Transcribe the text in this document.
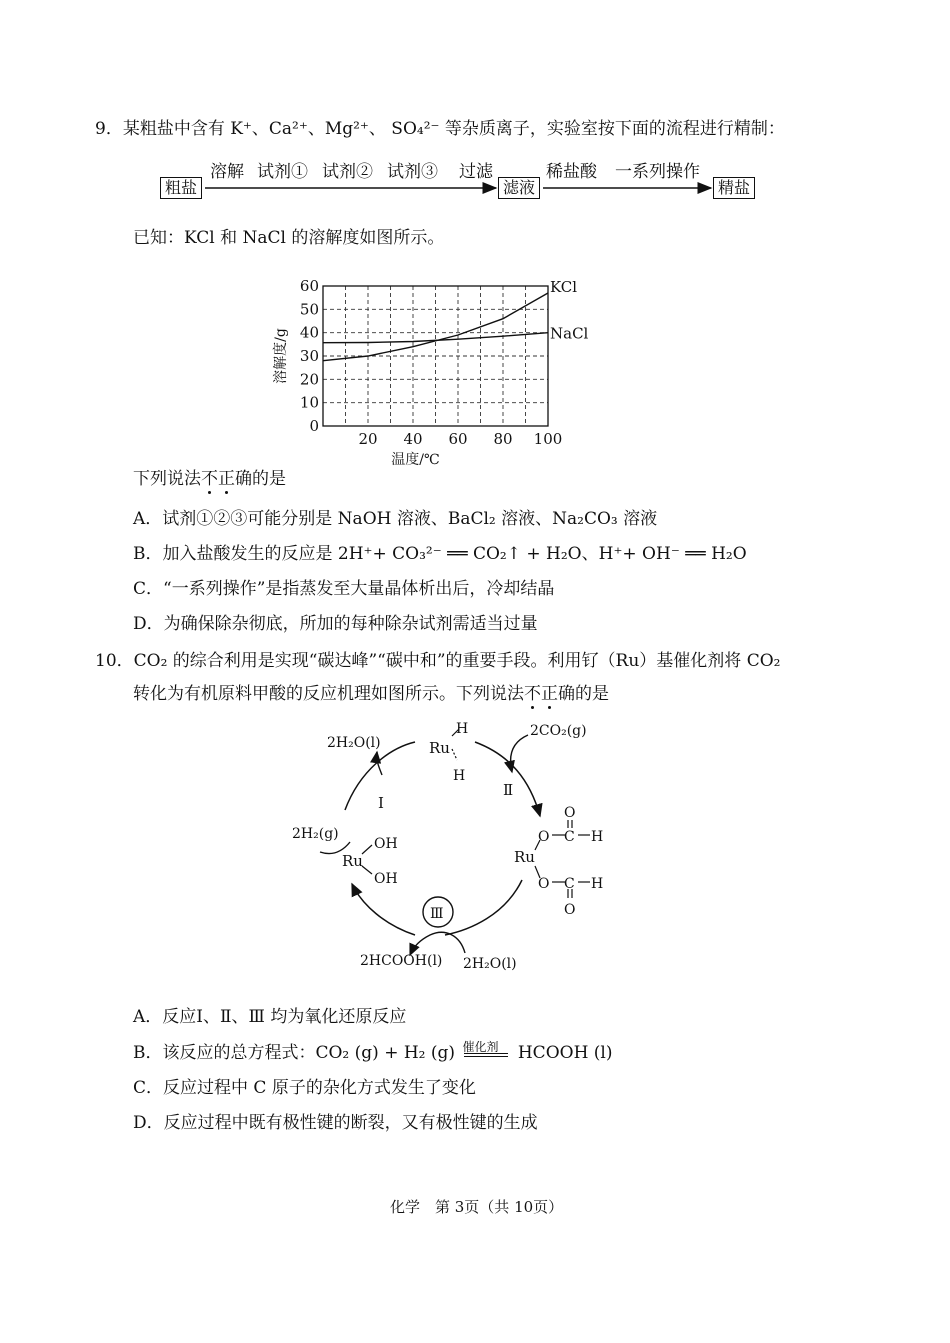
9．某粗盐中含有 K⁺、Ca²⁺、Mg²⁺、 SO₄²⁻ 等杂质离子，实验室按下面的流程进行精制：
粗盐	滤液	精盐
溶解 试剂① 试剂② 试剂③ 过滤	稀盐酸 一系列操作
已知：KCl 和 NaCl 的溶解度如图所示。
20 40 60 80 100
0
10
20
30
40
50
60	KCl
NaCl
溶解度/g
温度/℃
下列说法不正确的是
A．试剂①②③可能分别是 NaOH 溶液、BaCl₂ 溶液、Na₂CO₃ 溶液
B．加入盐酸发生的反应是 2H⁺+ CO₃²⁻ ══ CO₂↑ + H₂O、H⁺+ OH⁻ ══ H₂O
C．“一系列操作”是指蒸发至大量晶体析出后，冷却结晶
D．为确保除杂彻底，所加的每种除杂试剂需适当过量
10．CO₂ 的综合利用是实现“碳达峰”“碳中和”的重要手段。利用钌（Ru）基催化剂将 CO₂
转化为有机原料甲酸的反应机理如图所示。下列说法不正确的是
Ru
H
H
Ru
O C H
O
O C H
O
Ru
OH
OH
Ⅰ
Ⅱ
Ⅲ
2CO₂(g)
2H₂(g)
2H₂O(l)
2HCOOH(l) 2H₂O(l)
A．反应Ⅰ、Ⅱ、Ⅲ 均为氧化还原反应
B．该反应的总方程式：CO₂ (g) + H₂ (g) 催化剂 HCOOH (l)
C．反应过程中 C 原子的杂化方式发生了变化
D．反应过程中既有极性键的断裂，又有极性键的生成
化学　第 3页（共 10页）
